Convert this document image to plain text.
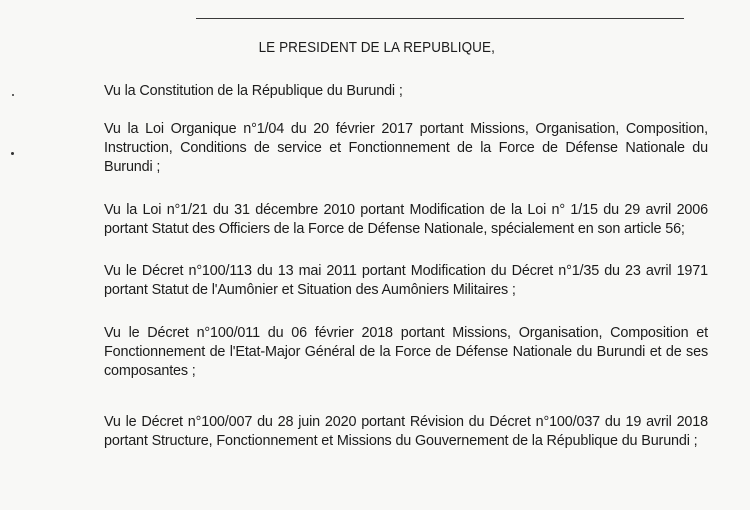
LE PRESIDENT DE LA REPUBLIQUE,

Vu la Constitution de la République du Burundi ;

Vu la Loi Organique n°1/04 du 20 février 2017 portant Missions, Organisation, Composition, Instruction, Conditions de service et Fonctionnement de la Force de Défense Nationale du Burundi ;

Vu la Loi n°1/21 du 31 décembre 2010 portant Modification de la Loi n° 1/15 du 29 avril 2006 portant Statut des Officiers de la Force de Défense Nationale, spécialement en son article 56;

Vu le Décret n°100/113 du 13 mai 2011 portant Modification du Décret n°1/35 du 23 avril 1971 portant Statut de l'Aumônier et Situation des Aumôniers Militaires ;

Vu le Décret n°100/011 du 06 février 2018 portant Missions, Organisation, Composition et Fonctionnement de l'Etat-Major Général de la Force de Défense Nationale du Burundi et de ses composantes ;

Vu le Décret n°100/007 du 28 juin 2020 portant Révision du Décret n°100/037 du 19 avril 2018 portant Structure, Fonctionnement et Missions du Gouvernement de la République du Burundi ;
